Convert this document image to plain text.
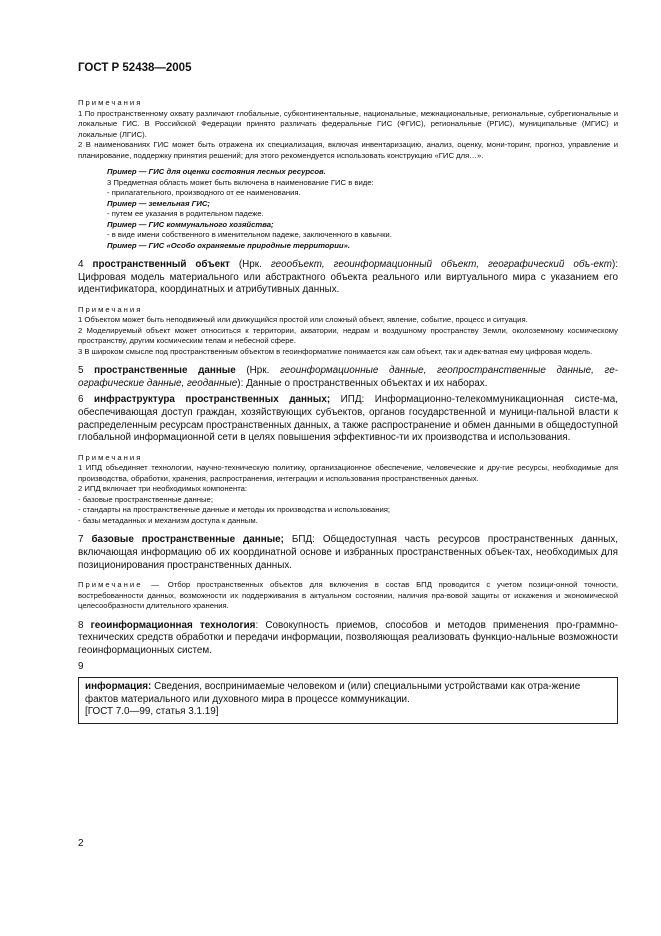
ГОСТ Р 52438—2005
Примечания
1 По пространственному охвату различают глобальные, субконтинентальные, национальные, межнациональные, региональные, субрегиональные и локальные ГИС. В Российской Федерации принято различать федеральные ГИС (ФГИС), региональные (РГИС), муниципальные (МГИС) и локальные (ЛГИС).
2 В наименованиях ГИС может быть отражена их специализация, включая инвентаризацию, анализ, оценку, мони-торинг, прогноз, управление и планирование, поддержку принятия решений; для этого рекомендуется использовать конструкцию «ГИС для…».
Пример — ГИС для оценки состояния лесных ресурсов.
3 Предметная область может быть включена в наименование ГИС в виде:
- прилагательного, производного от ее наименования.
Пример — земельная ГИС;
- путем ее указания в родительном падеже.
Пример — ГИС коммунального хозяйства;
- в виде имени собственного в именительном падеже, заключенного в кавычки.
Пример — ГИС «Особо охраняемые природные территории».
4 пространственный объект (Нрк. геообъект, геоинформационный объект, географический объ-ект): Цифровая модель материального или абстрактного объекта реального или виртуального мира с указанием его идентификатора, координатных и атрибутивных данных.
Примечания
1 Объектом может быть неподвижный или движущийся простой или сложный объект, явление, событие, процесс и ситуация.
2 Моделируемый объект может относиться к территории, акватории, недрам и воздушному пространству Земли, околоземному космическому пространству, другим космическим телам и небесной сфере.
3 В широком смысле под пространственным объектом в геоинформатике понимается как сам объект, так и адек-ватная ему цифровая модель.
5 пространственные данные (Нрк. геоинформационные данные, геопространственные данные, ге-ографические данные, геоданные): Данные о пространственных объектах и их наборах.
6 инфраструктура пространственных данных; ИПД: Информационно-телекоммуникационная систе-ма, обеспечивающая доступ граждан, хозяйствующих субъектов, органов государственной и муници-пальной власти к распределенным ресурсам пространственных данных, а также распространение и обмен данными в общедоступной глобальной информационной сети в целях повышения эффективнос-ти их производства и использования.
Примечания
1 ИПД объединяет технологии, научно-техническую политику, организационное обеспечение, человеческие и дру-гие ресурсы, необходимые для производства, обработки, хранения, распространения, интеграции и использования пространственных данных.
2 ИПД включает три необходимых компонента:
- базовые пространственные данные;
- стандарты на пространственные данные и методы их производства и использования;
- базы метаданных и механизм доступа к данным.
7 базовые пространственные данные; БПД: Общедоступная часть ресурсов пространственных данных, включающая информацию об их координатной основе и избранных пространственных объек-тах, необходимых для позиционирования пространственных данных.
Примечание — Отбор пространственных объектов для включения в состав БПД проводится с учетом позици-онной точности, востребованности данных, возможности их поддерживания в актуальном состоянии, наличия пра-вовой защиты от искажения и экономической целесообразности длительного хранения.
8 геоинформационная технология: Совокупность приемов, способов и методов применения про-граммно-технических средств обработки и передачи информации, позволяющая реализовать функцио-нальные возможности геоинформационных систем.
9
информация: Сведения, воспринимаемые человеком и (или) специальными устройствами как отра-жение фактов материального или духовного мира в процессе коммуникации.
[ГОСТ 7.0—99, статья 3.1.19]
2
